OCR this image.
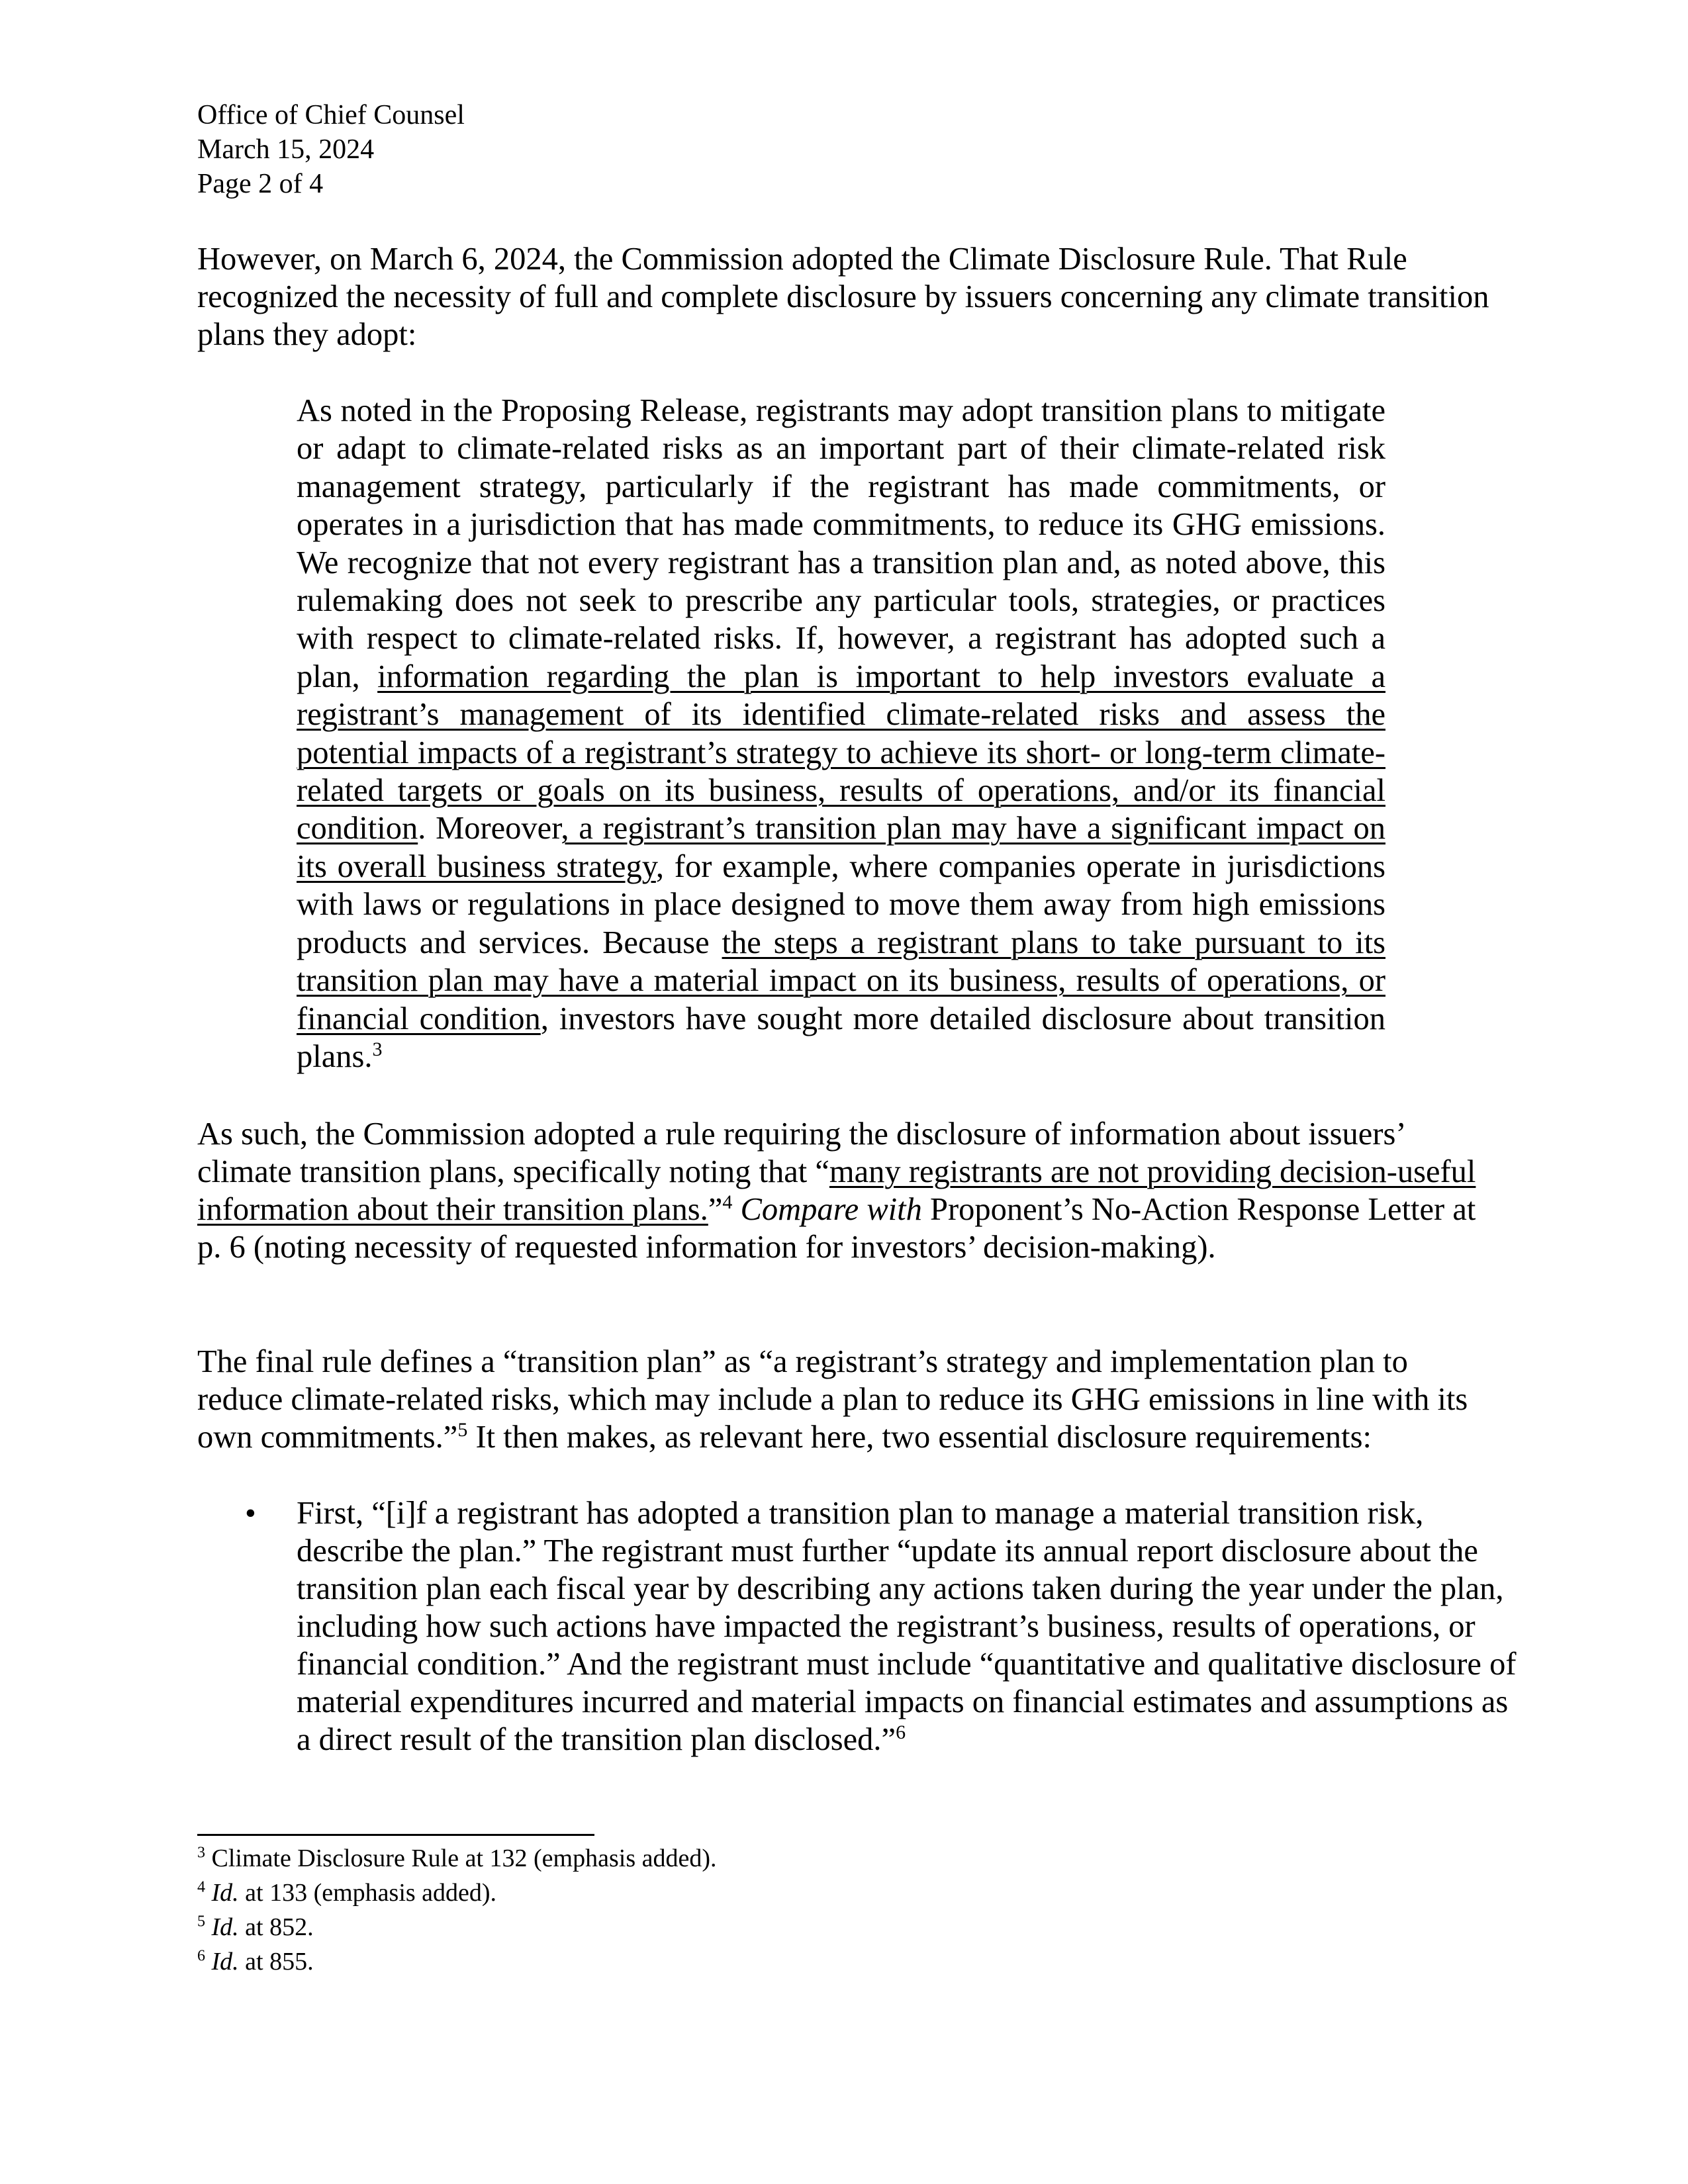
Office of Chief Counsel
March 15, 2024
Page 2 of 4

However, on March 6, 2024, the Commission adopted the Climate Disclosure Rule. That Rule recognized the necessity of full and complete disclosure by issuers concerning any climate transition plans they adopt:

As noted in the Proposing Release, registrants may adopt transition plans to mitigate or adapt to climate-related risks as an important part of their climate-related risk management strategy, particularly if the registrant has made commitments, or operates in a jurisdiction that has made commitments, to reduce its GHG emissions. We recognize that not every registrant has a transition plan and, as noted above, this rulemaking does not seek to prescribe any particular tools, strategies, or practices with respect to climate-related risks. If, however, a registrant has adopted such a plan, information regarding the plan is important to help investors evaluate a registrant’s management of its identified climate-related risks and assess the potential impacts of a registrant’s strategy to achieve its short- or long-term climate-related targets or goals on its business, results of operations, and/or its financial condition. Moreover, a registrant’s transition plan may have a significant impact on its overall business strategy, for example, where companies operate in jurisdictions with laws or regulations in place designed to move them away from high emissions products and services. Because the steps a registrant plans to take pursuant to its transition plan may have a material impact on its business, results of operations, or financial condition, investors have sought more detailed disclosure about transition plans.$^3$

As such, the Commission adopted a rule requiring the disclosure of information about issuers’ climate transition plans, specifically noting that “many registrants are not providing decision-useful information about their transition plans.”$^4$ Compare with Proponent’s No-Action Response Letter at p. 6 (noting necessity of requested information for investors’ decision-making).

The final rule defines a “transition plan” as “a registrant’s strategy and implementation plan to reduce climate-related risks, which may include a plan to reduce its GHG emissions in line with its own commitments.”$^5$ It then makes, as relevant here, two essential disclosure requirements:

• First, “[i]f a registrant has adopted a transition plan to manage a material transition risk, describe the plan.” The registrant must further “update its annual report disclosure about the transition plan each fiscal year by describing any actions taken during the year under the plan, including how such actions have impacted the registrant’s business, results of operations, or financial condition.” And the registrant must include “quantitative and qualitative disclosure of material expenditures incurred and material impacts on financial estimates and assumptions as a direct result of the transition plan disclosed.”$^6$

$^3$ Climate Disclosure Rule at 132 (emphasis added).
$^4$ Id. at 133 (emphasis added).
$^5$ Id. at 852.
$^6$ Id. at 855.
